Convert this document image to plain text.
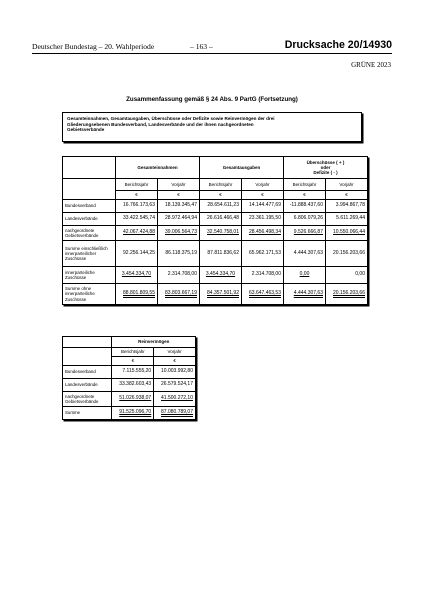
Deutscher Bundestag – 20. Wahlperiode	– 163 –	Drucksache 20/14930
GRÜNE 2023
Zusammenfassung gemäß § 24 Abs. 9 PartG (Fortsetzung)
Gesamteinnahmen, Gesamtausgaben, Überschüsse oder Defizite sowie Reinvermögen der drei
Gliederungsebenen Bundesverband, Landesverbände und der ihnen nachgeordneten
Gebietsverbände
	Gesamteinnahmen		Gesamtausgaben		Überschüsse ( + )
oder
Defizite ( - )	

	Berichtsjahr	Vorjahr	Berichtsjahr	Vorjahr	Berichtsjahr	Vorjahr
	€	€	€	€	€	€
Bundesverband	16.766.173,63	18.139.345,47	28.654.611,23	14.144.477,69	-11.888.437,60	3.994.867,78
Landesverbände	33.422.545,74	28.972.464,94	26.616.466,48	23.361.195,50	6.806.079,26	5.611.269,44
nachgeordnete Gebietsverbände	42.067.424,88	39.006.564,73	32.540.758,01	28.456.498,34	9.526.666,87	10.550.066,44
Summe einschließlich innerparteilicher Zuschüsse	92.256.144,25	86.118.375,19	87.811.836,62	65.962.171,53	4.444.307,63	20.156.203,66
innerparteiliche Zuschüsse	3.454.334,70	2.314.708,00	3.454.334,70	2.314.708,00	0,00	0,00
Summe ohne innerparteiliche Zuschüsse	88.801.809,55	83.803.667,19	84.357.501,92	63.647.463,53	4.444.307,63	20.156.203,66
	Reinvermögen	
	Berichtsjahr	Vorjahr
	€	€
Bundesverband	7.115.555,20	10.003.992,80
Landesverbände	33.382.603,43	26.579.524,17
nachgeordnete Gebietsverbände	51.026.938,07	41.500.272,10
Summe	91.525.096,70	87.080.789,07
